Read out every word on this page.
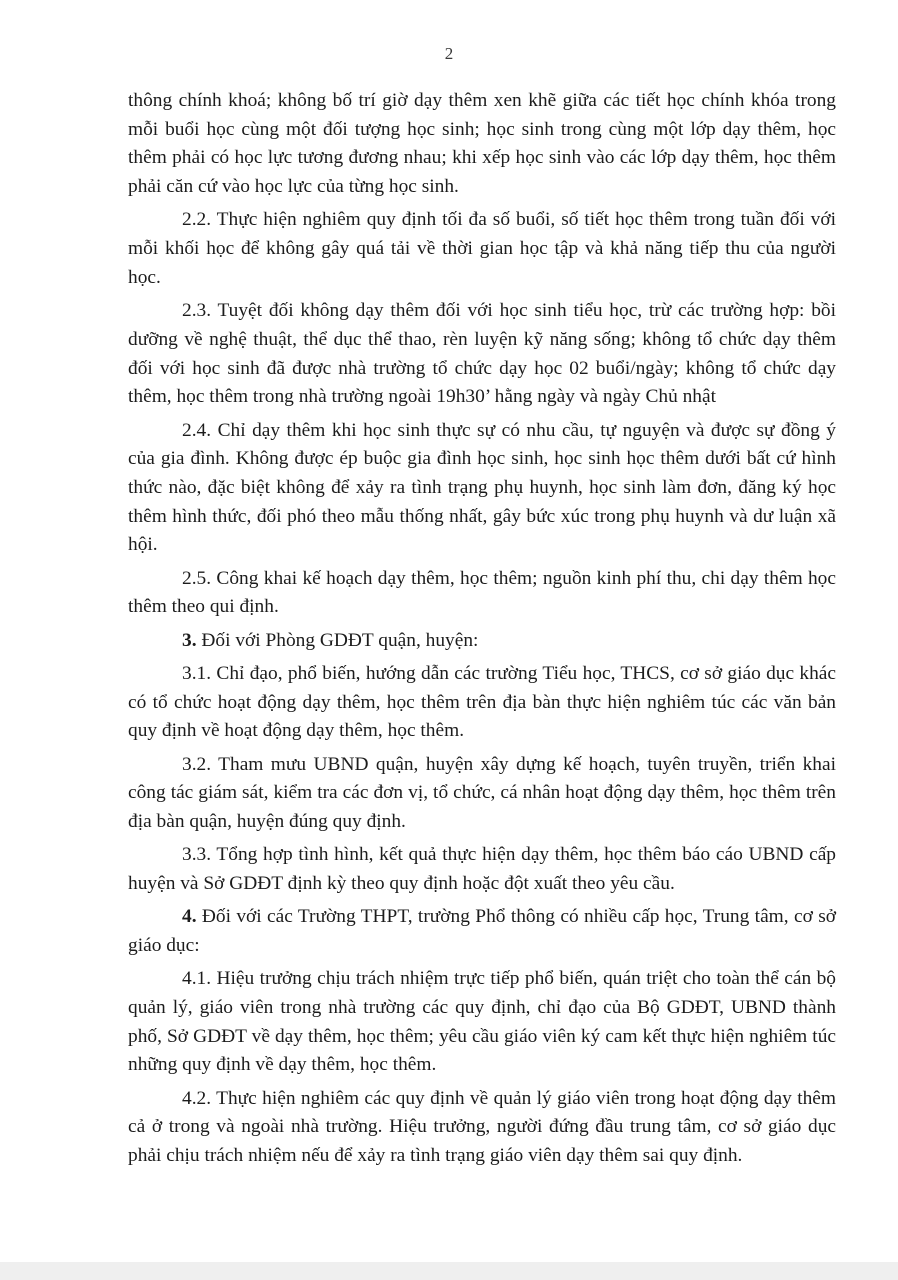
2

thông chính khoá; không bố trí giờ dạy thêm xen khẽ giữa các tiết học chính khóa trong mỗi buổi học cùng một đối tượng học sinh; học sinh trong cùng một lớp dạy thêm, học thêm phải có học lực tương đương nhau; khi xếp học sinh vào các lớp dạy thêm, học thêm phải căn cứ vào học lực của từng học sinh.

2.2. Thực hiện nghiêm quy định tối đa số buổi, số tiết học thêm trong tuần đối với mỗi khối học để không gây quá tải về thời gian học tập và khả năng tiếp thu của người học.

2.3. Tuyệt đối không dạy thêm đối với học sinh tiểu học, trừ các trường hợp: bồi dưỡng về nghệ thuật, thể dục thể thao, rèn luyện kỹ năng sống; không tổ chức dạy thêm đối với học sinh đã được nhà trường tổ chức dạy học 02 buổi/ngày; không tổ chức dạy thêm, học thêm trong nhà trường ngoài 19h30’ hằng ngày và ngày Chủ nhật

2.4. Chỉ dạy thêm khi học sinh thực sự có nhu cầu, tự nguyện và được sự đồng ý của gia đình. Không được ép buộc gia đình học sinh, học sinh học thêm dưới bất cứ hình thức nào, đặc biệt không để xảy ra tình trạng phụ huynh, học sinh làm đơn, đăng ký học thêm hình thức, đối phó theo mẫu thống nhất, gây bức xúc trong phụ huynh và dư luận xã hội.

2.5. Công khai kế hoạch dạy thêm, học thêm; nguồn kinh phí thu, chi dạy thêm học thêm theo qui định.

3. Đối với Phòng GDĐT quận, huyện:

3.1. Chỉ đạo, phổ biến, hướng dẫn các trường Tiểu học, THCS, cơ sở giáo dục khác có tổ chức hoạt động dạy thêm, học thêm trên địa bàn thực hiện nghiêm túc các văn bản quy định về hoạt động dạy thêm, học thêm.

3.2. Tham mưu UBND quận, huyện xây dựng kế hoạch, tuyên truyền, triển khai công tác giám sát, kiểm tra các đơn vị, tổ chức, cá nhân hoạt động dạy thêm, học thêm trên địa bàn quận, huyện đúng quy định.

3.3. Tổng hợp tình hình, kết quả thực hiện dạy thêm, học thêm báo cáo UBND cấp huyện và Sở GDĐT định kỳ theo quy định hoặc đột xuất theo yêu cầu.

4. Đối với các Trường THPT, trường Phổ thông có nhiều cấp học, Trung tâm, cơ sở giáo dục:

4.1. Hiệu trưởng chịu trách nhiệm trực tiếp phổ biến, quán triệt cho toàn thể cán bộ quản lý, giáo viên trong nhà trường các quy định, chỉ đạo của Bộ GDĐT, UBND thành phố, Sở GDĐT về dạy thêm, học thêm; yêu cầu giáo viên ký cam kết thực hiện nghiêm túc những quy định về dạy thêm, học thêm.

4.2. Thực hiện nghiêm các quy định về quản lý giáo viên trong hoạt động dạy thêm cả ở trong và ngoài nhà trường. Hiệu trưởng, người đứng đầu trung tâm, cơ sở giáo dục phải chịu trách nhiệm nếu để xảy ra tình trạng giáo viên dạy thêm sai quy định.
